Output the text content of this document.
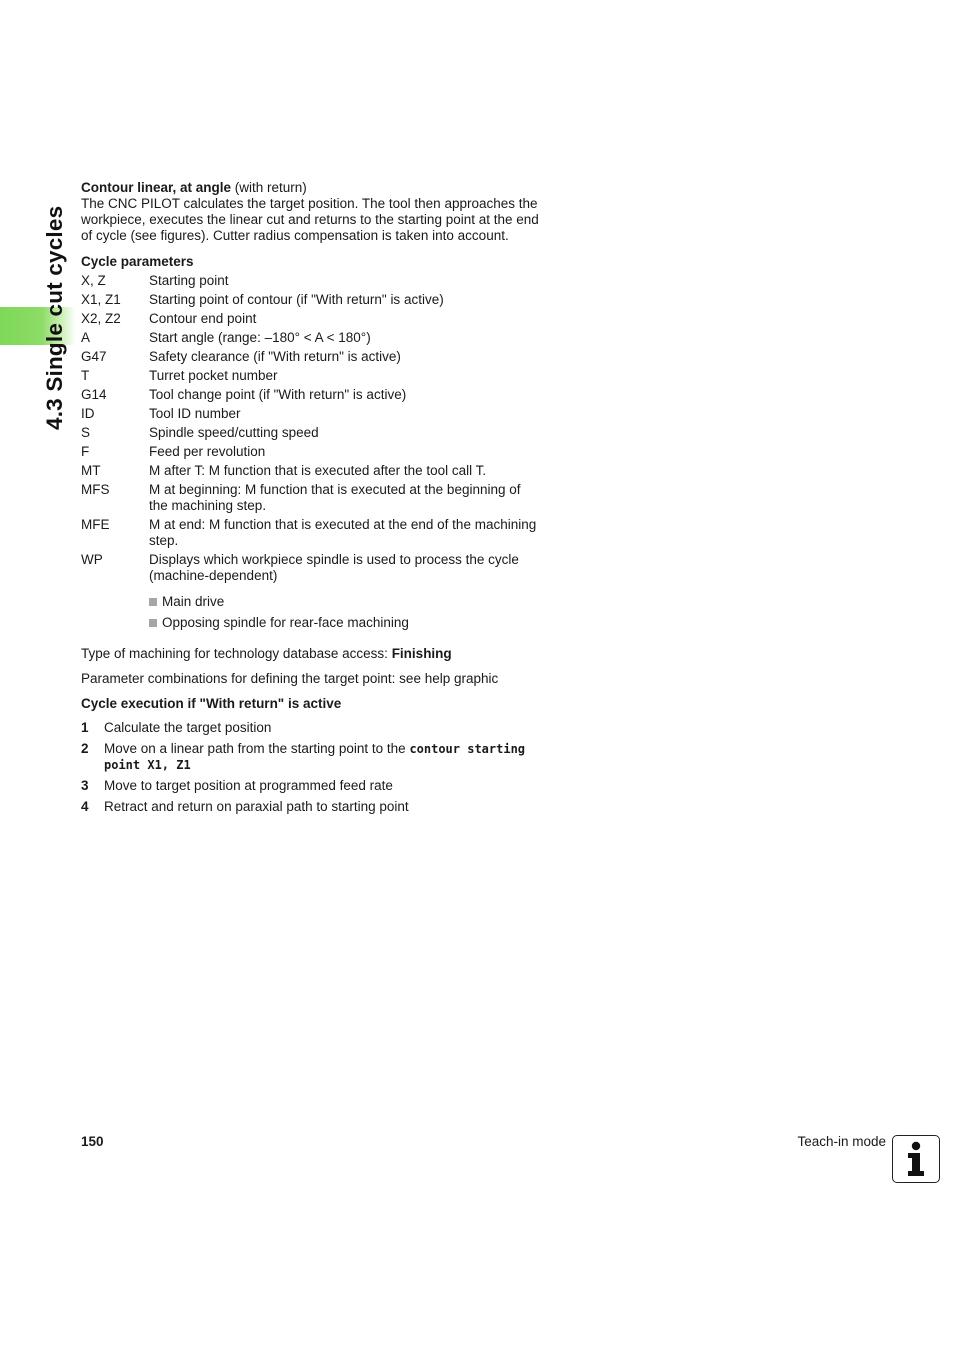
4.3 Single cut cycles

Contour linear, at angle (with return)
The CNC PILOT calculates the target position. The tool then approaches the workpiece, executes the linear cut and returns to the starting point at the end of cycle (see figures). Cutter radius compensation is taken into account.

Cycle parameters

X, Z	Starting point
X1, Z1	Starting point of contour (if "With return" is active)
X2, Z2	Contour end point
A	Start angle (range: –180° < A < 180°)
G47	Safety clearance (if "With return" is active)
T	Turret pocket number
G14	Tool change point (if "With return" is active)
ID	Tool ID number
S	Spindle speed/cutting speed
F	Feed per revolution
MT	M after T: M function that is executed after the tool call T.
MFS	M at beginning: M function that is executed at the beginning of the machining step.
MFE	M at end: M function that is executed at the end of the machining step.
WP	Displays which workpiece spindle is used to process the cycle (machine-dependent)
Main drive
Opposing spindle for rear-face machining

Type of machining for technology database access: Finishing

Parameter combinations for defining the target point: see help graphic

Cycle execution if "With return" is active

1	Calculate the target position
2	Move on a linear path from the starting point to the contour starting point X1, Z1
3	Move to target position at programmed feed rate
4	Retract and return on paraxial path to starting point
150	Teach-in mode
